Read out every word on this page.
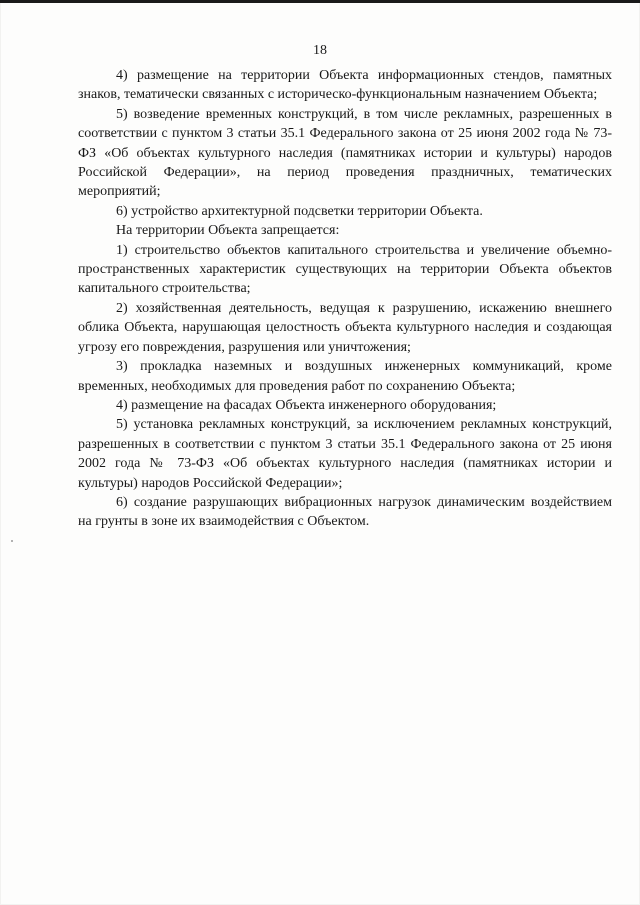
18

4) размещение на территории Объекта информационных стендов, памятных знаков, тематически связанных с историческо-функциональным назначением Объекта;

5) возведение временных конструкций, в том числе рекламных, разрешенных в соответствии с пунктом 3 статьи 35.1 Федерального закона от 25 июня 2002 года № 73-ФЗ «Об объектах культурного наследия (памятниках истории и культуры) народов Российской Федерации», на период проведения праздничных, тематических мероприятий;

6) устройство архитектурной подсветки территории Объекта.

На территории Объекта запрещается:

1) строительство объектов капитального строительства и увеличение объемно-пространственных характеристик существующих на территории Объекта объектов капитального строительства;

2) хозяйственная деятельность, ведущая к разрушению, искажению внешнего облика Объекта, нарушающая целостность объекта культурного наследия и создающая угрозу его повреждения, разрушения или уничтожения;

3) прокладка наземных и воздушных инженерных коммуникаций, кроме временных, необходимых для проведения работ по сохранению Объекта;

4) размещение на фасадах Объекта инженерного оборудования;

5) установка рекламных конструкций, за исключением рекламных конструкций, разрешенных в соответствии с пунктом 3 статьи 35.1 Федерального закона от 25 июня 2002 года № 73-ФЗ «Об объектах культурного наследия (памятниках истории и культуры) народов Российской Федерации»;

6) создание разрушающих вибрационных нагрузок динамическим воздействием на грунты в зоне их взаимодействия с Объектом.
